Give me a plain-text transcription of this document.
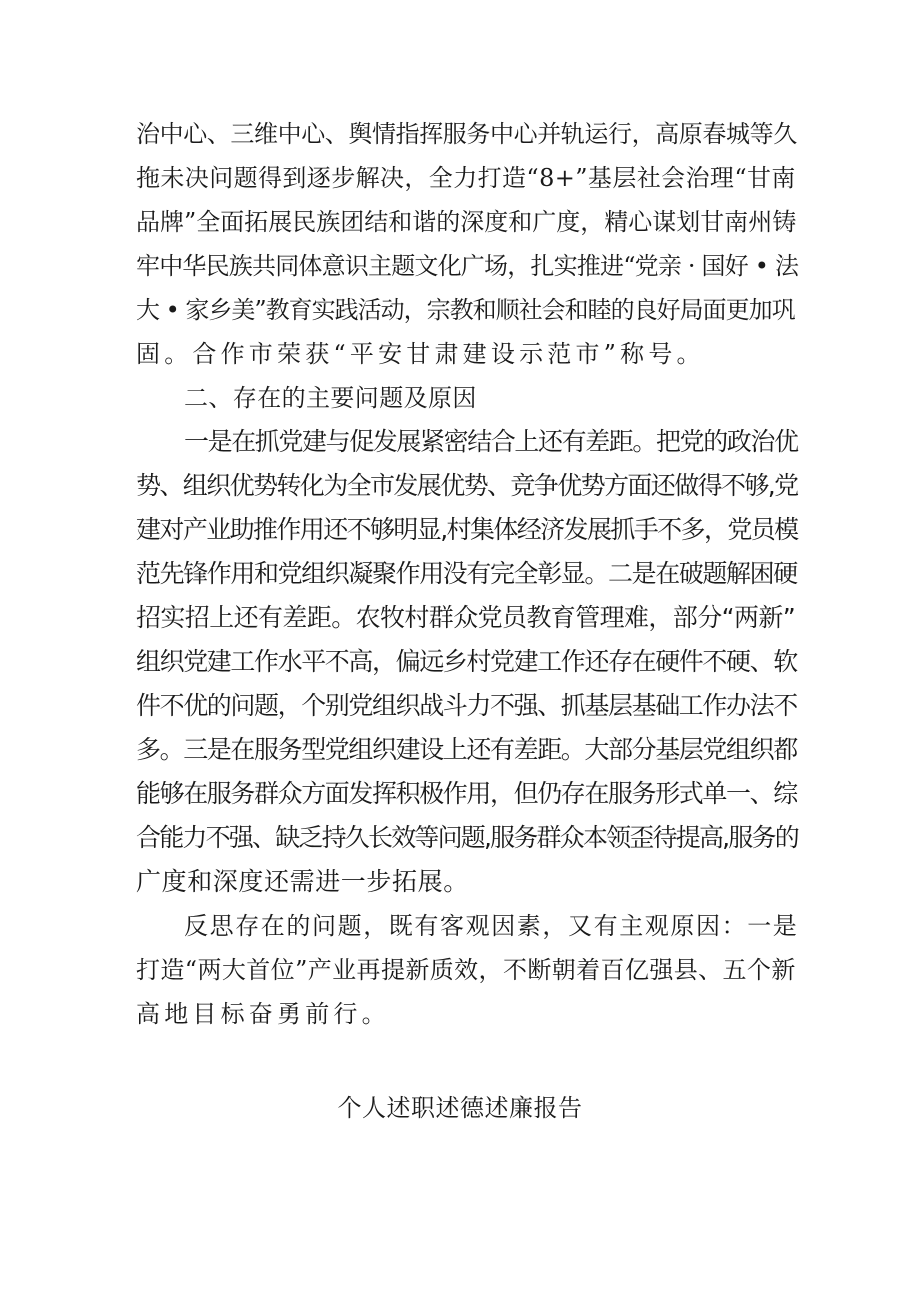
治中心、三维中心、舆情指挥服务中心并轨运行，高原春城等久
拖未决问题得到逐步解决，全力打造“8+”基层社会治理“甘南
品牌”全面拓展民族团结和谐的深度和广度，精心谋划甘南州铸
牢中华民族共同体意识主题文化广场，扎实推进“党亲 · 国好 • 法
大 • 家乡美”教育实践活动，宗教和顺社会和睦的良好局面更加巩
固。合作市荣获“平安甘肃建设示范市”称号。
二、存在的主要问题及原因
一是在抓党建与促发展紧密结合上还有差距。把党的政治优
势、组织优势转化为全市发展优势、竞争优势方面还做得不够,党
建对产业助推作用还不够明显,村集体经济发展抓手不多，党员模
范先锋作用和党组织凝聚作用没有完全彰显。二是在破题解困硬
招实招上还有差距。农牧村群众党员教育管理难，部分“两新”
组织党建工作水平不高，偏远乡村党建工作还存在硬件不硬、软
件不优的问题，个别党组织战斗力不强、抓基层基础工作办法不
多。三是在服务型党组织建设上还有差距。大部分基层党组织都
能够在服务群众方面发挥积极作用，但仍存在服务形式单一、综
合能力不强、缺乏持久长效等问题,服务群众本领歪待提高,服务的
广度和深度还需进一步拓展。
反思存在的问题，既有客观因素，又有主观原因：一是
打造“两大首位”产业再提新质效，不断朝着百亿强县、五个新
高地目标奋勇前行。
个人述职述德述廉报告
